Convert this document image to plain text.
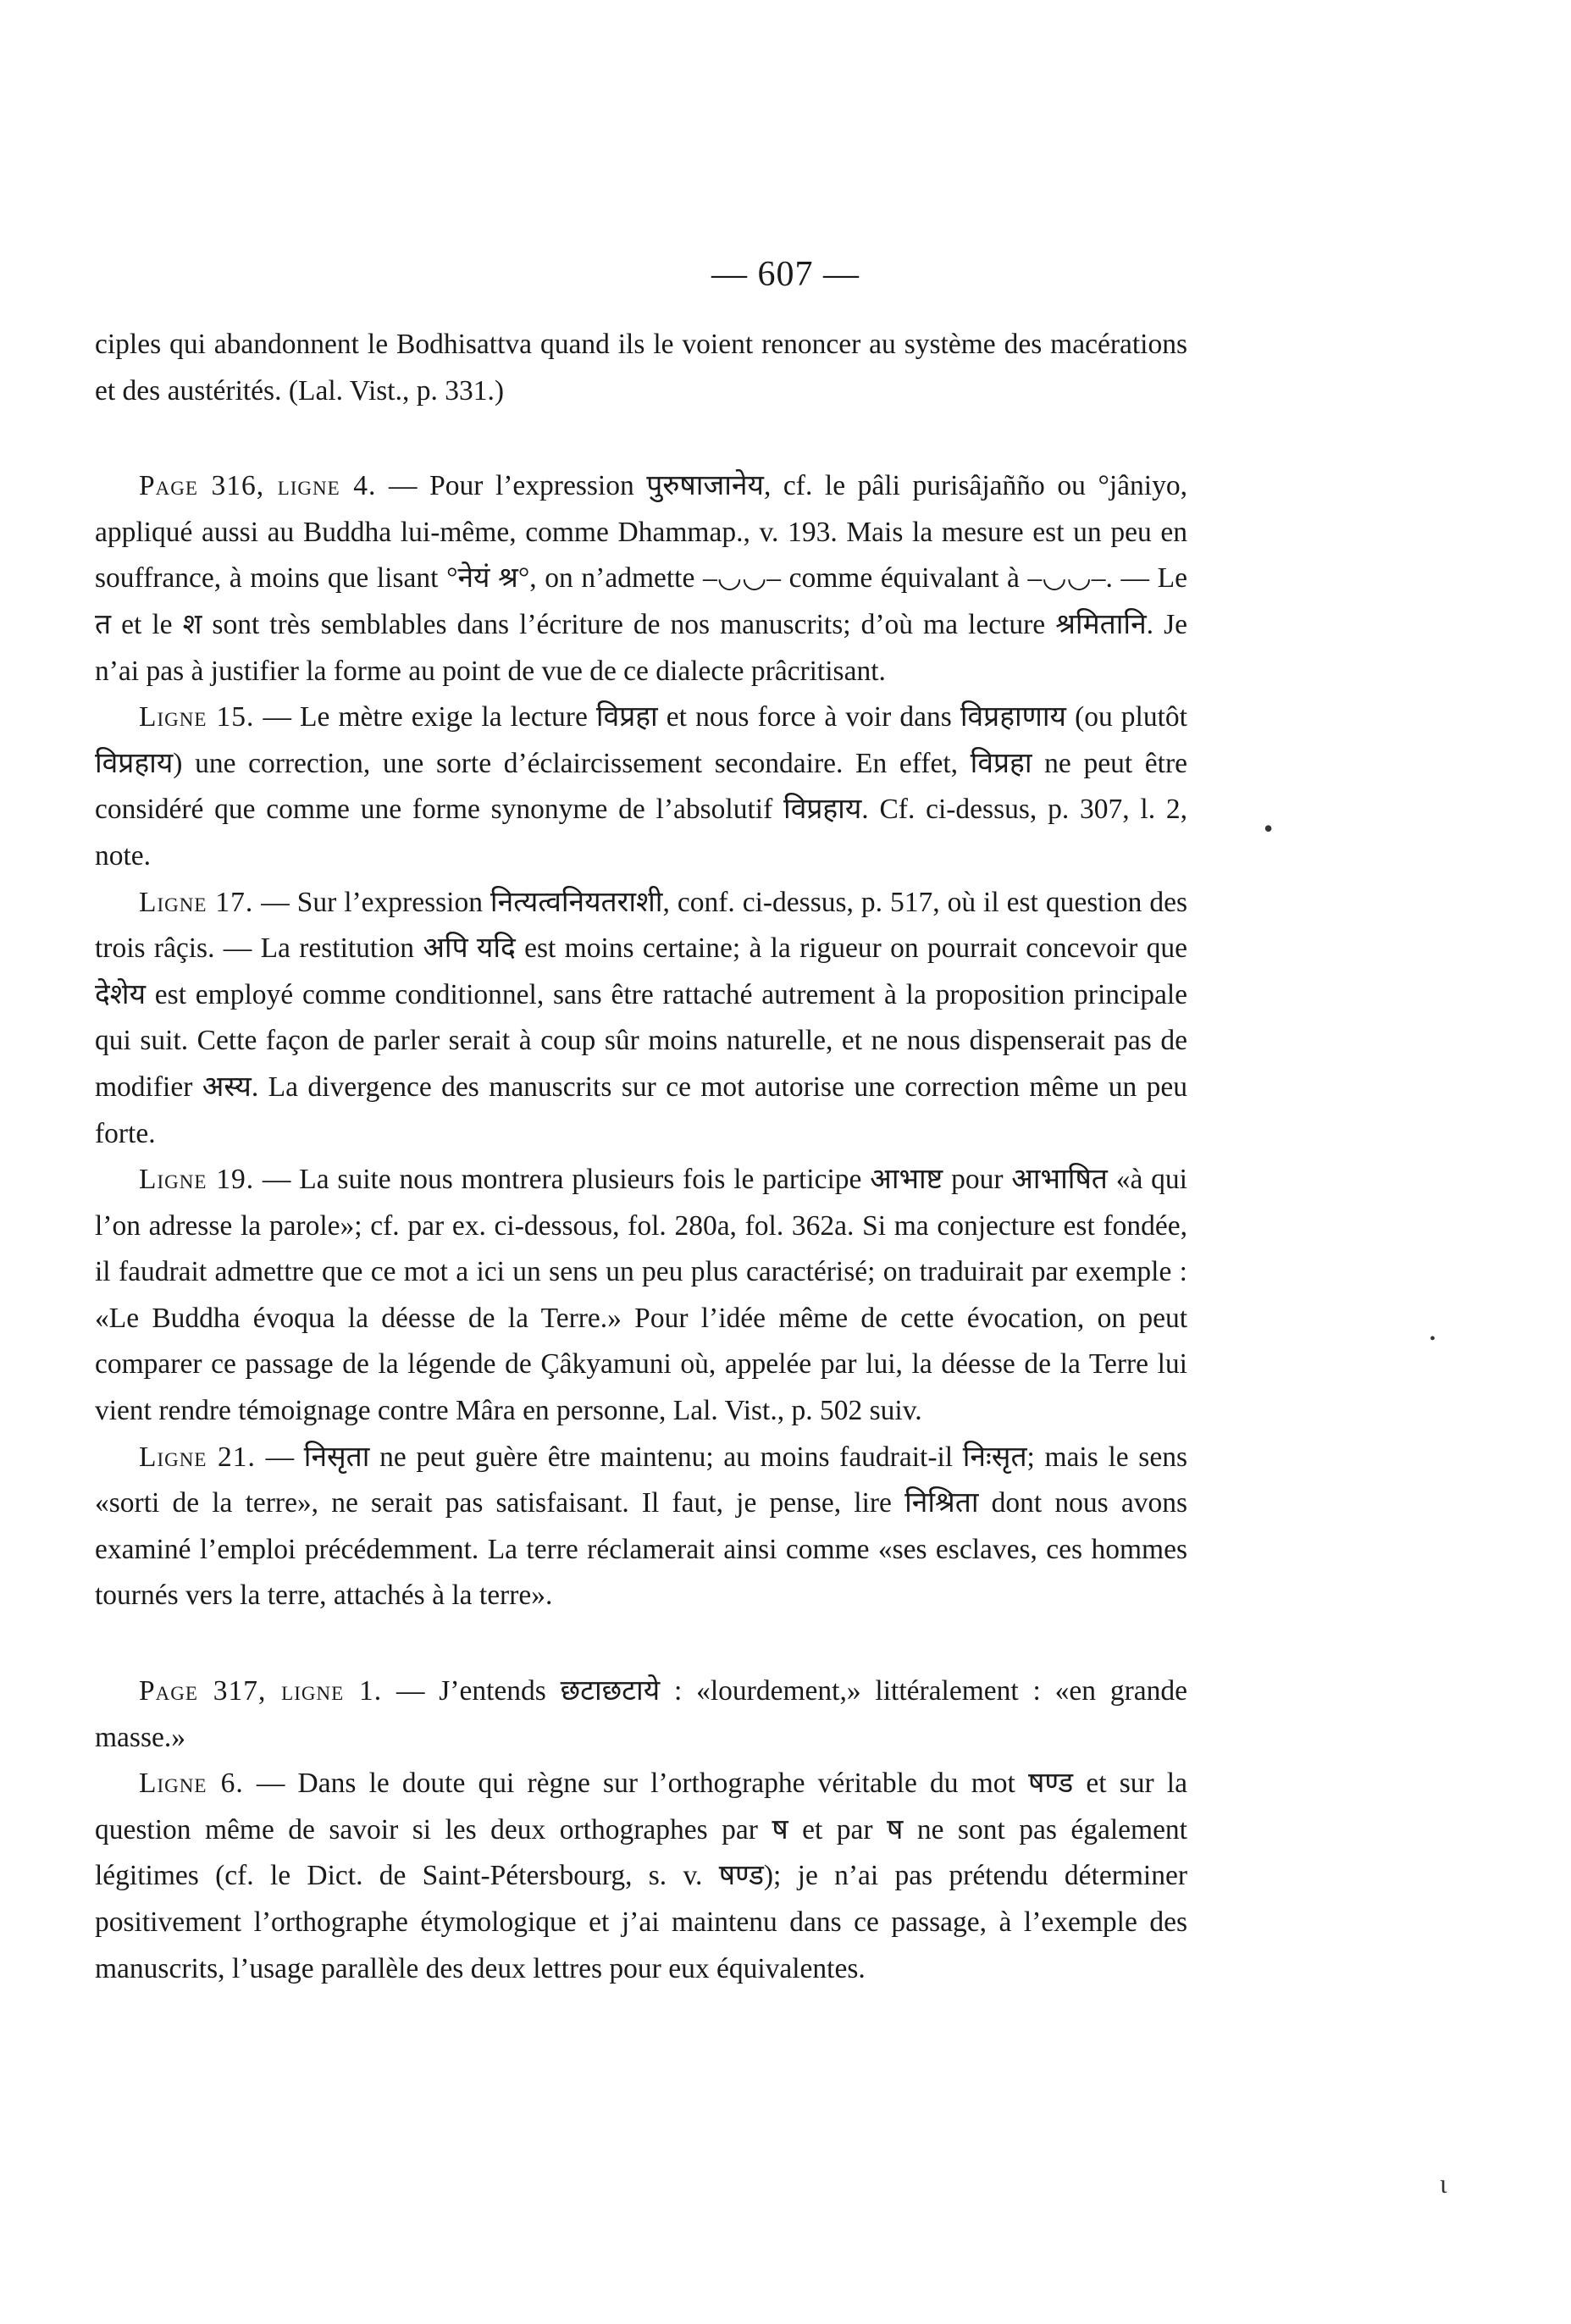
— 607 —

ciples qui abandonnent le Bodhisattva quand ils le voient renoncer au système des macérations et des austérités. (Lal. Vist., p. 331.)

Page 316, ligne 4. — Pour l’expression पुरुषाजानेय, cf. le pâli purisâjañño ou °jâniyo, appliqué aussi au Buddha lui-même, comme Dhammap., v. 193. Mais la mesure est un peu en souffrance, à moins que lisant °नेयं श्र°, on n’admette –◡◡– comme équivalant à –◡◡–. — Le त et le श sont très semblables dans l’écriture de nos manuscrits; d’où ma lecture श्रमितानि. Je n’ai pas à justifier la forme au point de vue de ce dialecte prâcritisant.

Ligne 15. — Le mètre exige la lecture विप्रहा et nous force à voir dans विप्रहाणाय (ou plutôt विप्रहाय) une correction, une sorte d’éclaircissement secondaire. En effet, विप्रहा ne peut être considéré que comme une forme synonyme de l’absolutif विप्रहाय. Cf. ci-dessus, p. 307, l. 2, note.

Ligne 17. — Sur l’expression नित्यत्वनियतराशी, conf. ci-dessus, p. 517, où il est question des trois râçis. — La restitution अपि यदि est moins certaine; à la rigueur on pourrait concevoir que देशेय est employé comme conditionnel, sans être rattaché autrement à la proposition principale qui suit. Cette façon de parler serait à coup sûr moins naturelle, et ne nous dispenserait pas de modifier अस्य. La divergence des manuscrits sur ce mot autorise une correction même un peu forte.

Ligne 19. — La suite nous montrera plusieurs fois le participe आभाष्ट pour आभाषित «à qui l’on adresse la parole»; cf. par ex. ci-dessous, fol. 280a, fol. 362a. Si ma conjecture est fondée, il faudrait admettre que ce mot a ici un sens un peu plus caractérisé; on traduirait par exemple : «Le Buddha évoqua la déesse de la Terre.» Pour l’idée même de cette évocation, on peut comparer ce passage de la légende de Çâkyamuni où, appelée par lui, la déesse de la Terre lui vient rendre témoignage contre Mâra en personne, Lal. Vist., p. 502 suiv.

Ligne 21. — निसृता ne peut guère être maintenu; au moins faudrait-il निःसृत; mais le sens «sorti de la terre», ne serait pas satisfaisant. Il faut, je pense, lire निश्रिता dont nous avons examiné l’emploi précédemment. La terre réclamerait ainsi comme «ses esclaves, ces hommes tournés vers la terre, attachés à la terre».

Page 317, ligne 1. — J’entends छटाछटाये : «lourdement,» littéralement : «en grande masse.»

Ligne 6. — Dans le doute qui règne sur l’orthographe véritable du mot षण्ड et sur la question même de savoir si les deux orthographes par ष et par ष ne sont pas également légitimes (cf. le Dict. de Saint-Pétersbourg, s. v. षण्ड); je n’ai pas prétendu déterminer positivement l’orthographe étymologique et j’ai maintenu dans ce passage, à l’exemple des manuscrits, l’usage parallèle des deux lettres pour eux équivalentes.

•
•
ɩ
